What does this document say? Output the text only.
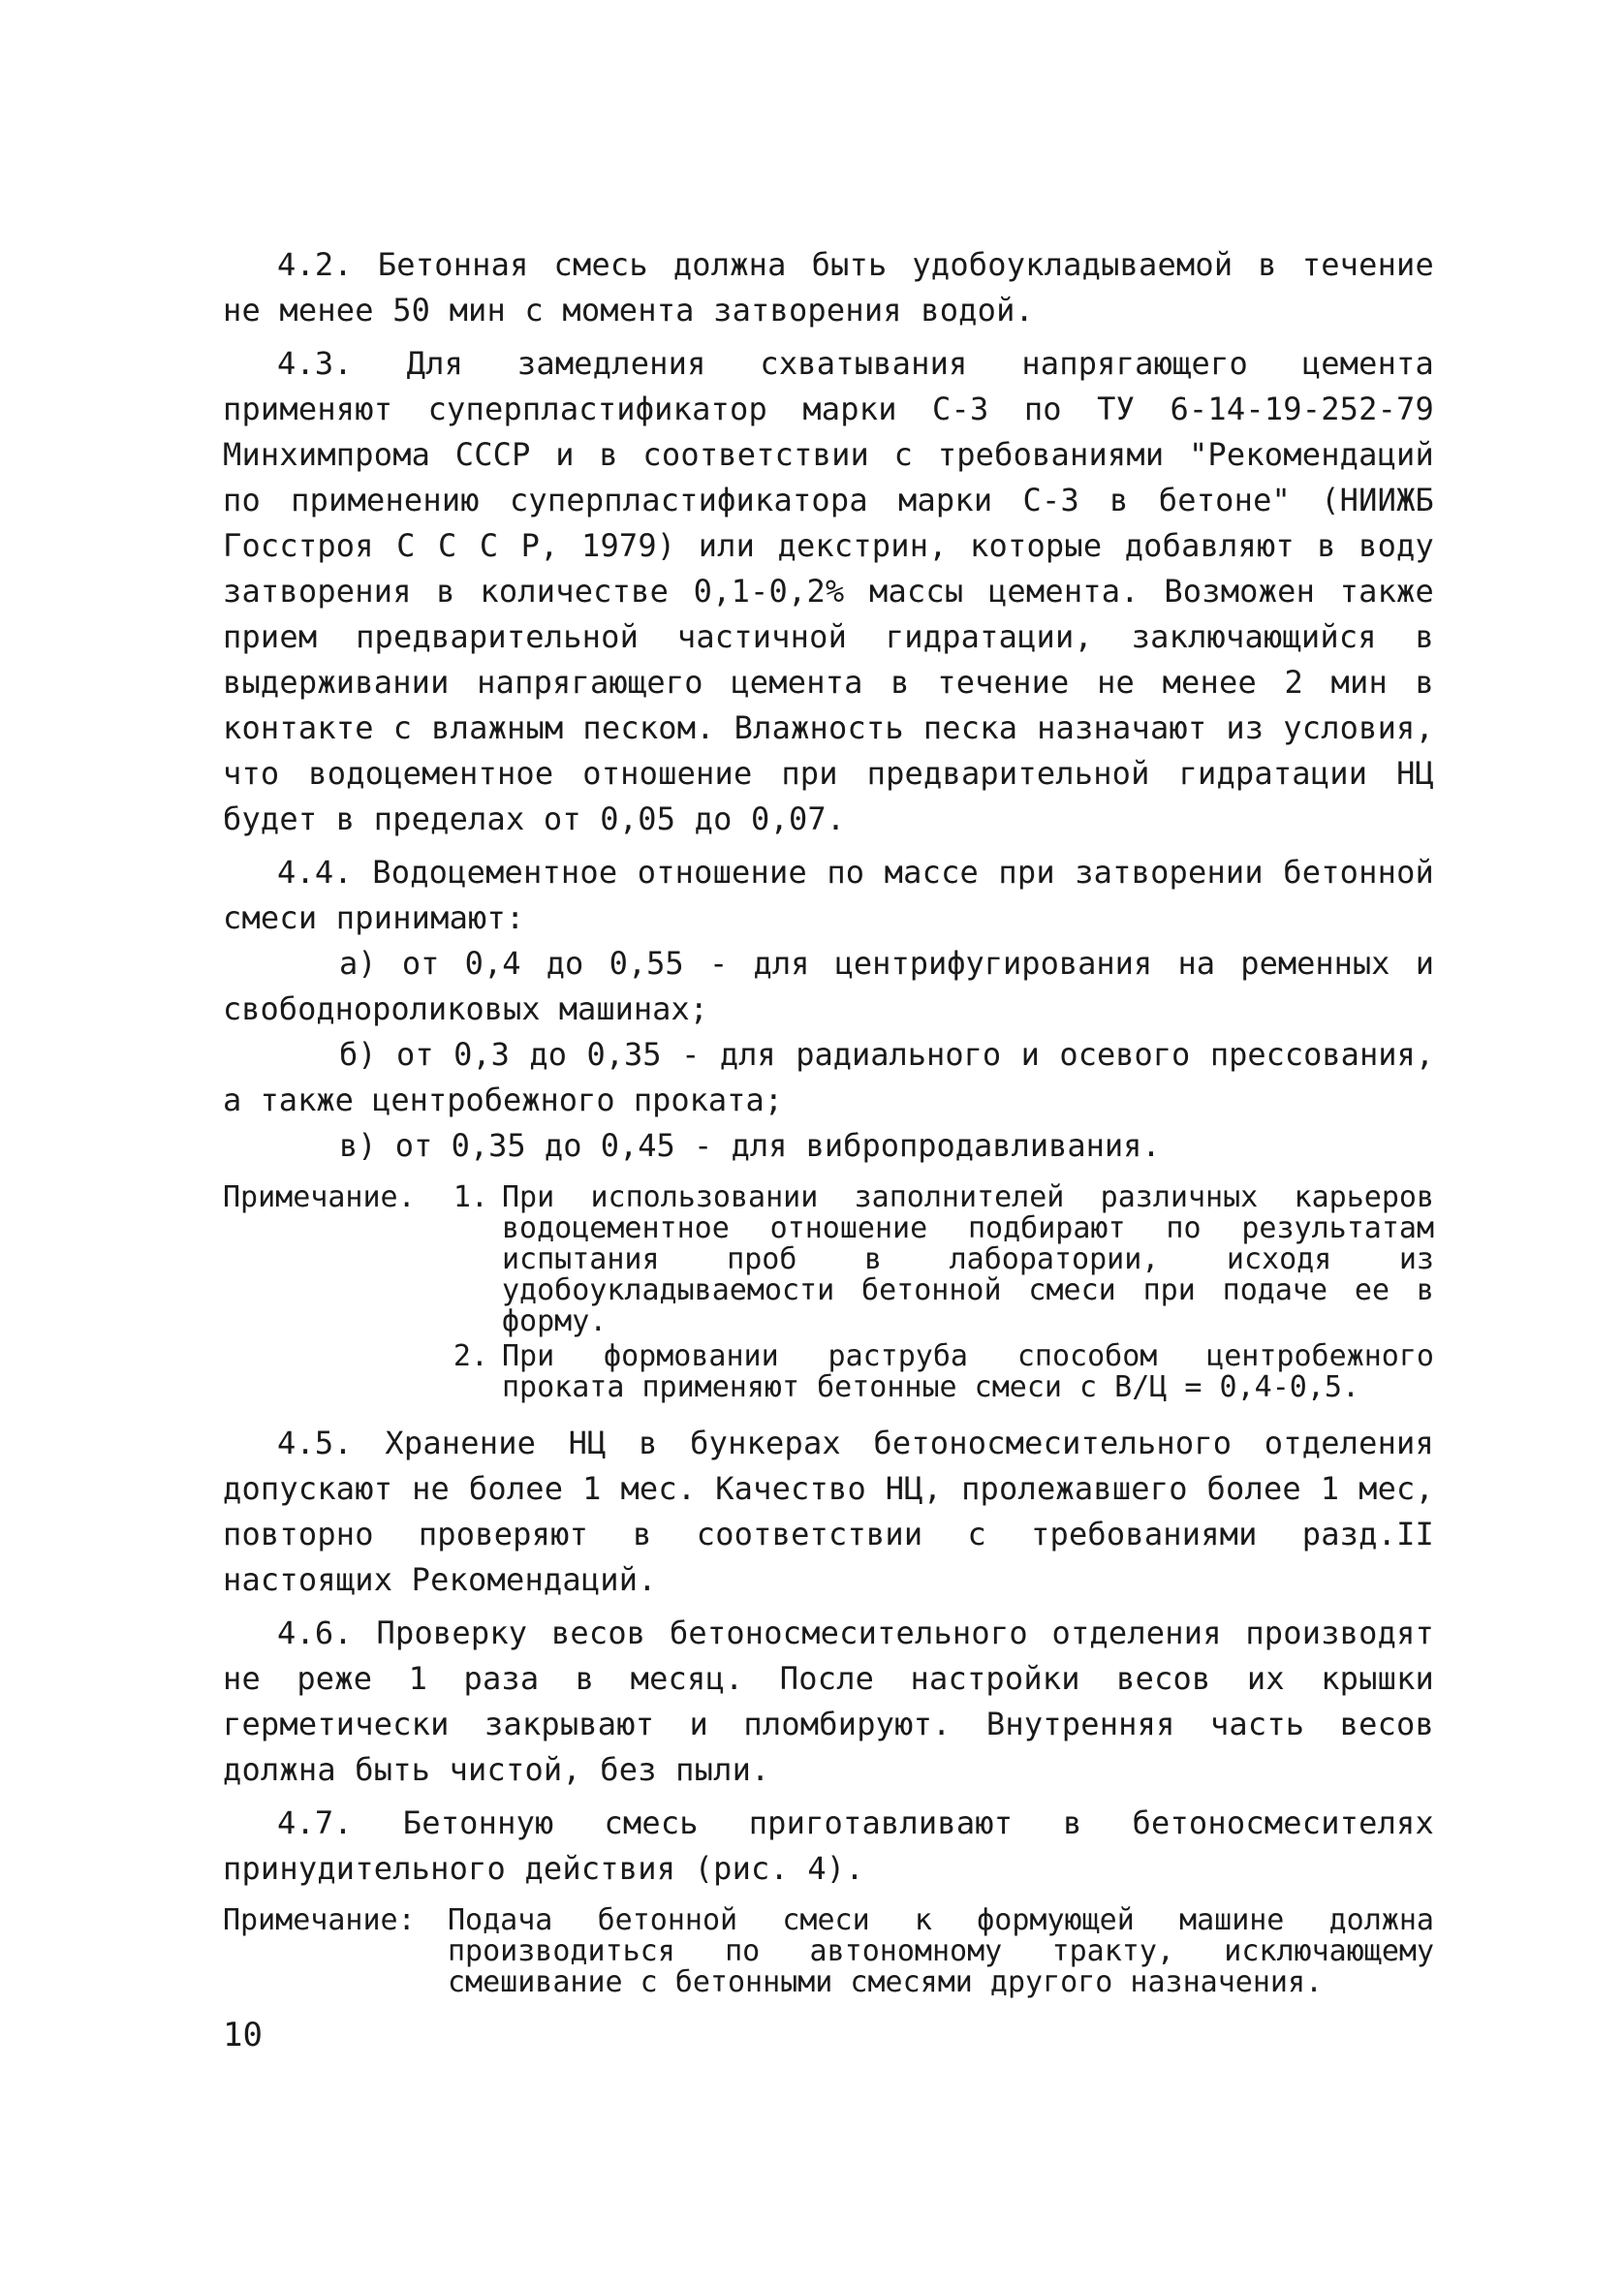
4.2. Бетонная смесь должна быть удобоукладываемой в течение не менее 50 мин с момента затворения водой.

4.3. Для замедления схватывания напрягающего цемента применяют суперпластификатор марки С-3 по ТУ 6-14-19-252-79 Минхимпрома СССР и в соответствии с требованиями "Рекомендаций по применению суперпластификатора марки С-3 в бетоне" (НИИЖБ Госстроя С С С Р, 1979) или декстрин, которые добавляют в воду затворения в количестве 0,1-0,2% массы цемента. Возможен также прием предварительной частичной гидратации, заключающийся в выдерживании напрягающего цемента в течение не менее 2 мин в контакте с влажным песком. Влажность песка назначают из условия, что водоцементное отношение при предварительной гидратации НЦ будет в пределах от 0,05 до 0,07.

4.4. Водоцементное отношение по массе при затворении бетонной смеси принимают:

а) от 0,4 до 0,55 - для центрифугирования на ременных и свободнороликовых машинах;

б) от 0,3 до 0,35 - для радиального и осевого прессования, а также центробежного проката;

в) от 0,35 до 0,45 - для вибропродавливания.

Примечание.	1. При использовании заполнителей различных карьеров водоцементное отношение подбирают по результатам испытания проб в лаборатории, исходя из удобоукладываемости бетонной смеси при подаче ее в форму.
2. При формовании раструба способом центробежного проката применяют бетонные смеси с В/Ц = 0,4-0,5.

4.5. Хранение НЦ в бункерах бетоносмесительного отделения допускают не более 1 мес. Качество НЦ, пролежавшего более 1 мес, повторно проверяют в соответствии с требованиями разд.II настоящих Рекомендаций.

4.6. Проверку весов бетоносмесительного отделения производят не реже 1 раза в месяц. После настройки весов их крышки герметически закрывают и пломбируют. Внутренняя часть весов должна быть чистой, без пыли.

4.7. Бетонную смесь приготавливают в бетоносмесителях принудительного действия (рис. 4).

Примечание:	Подача бетонной смеси к формующей машине должна производиться по автономному тракту, исключающему смешивание с бетонными смесями другого назначения.
10
